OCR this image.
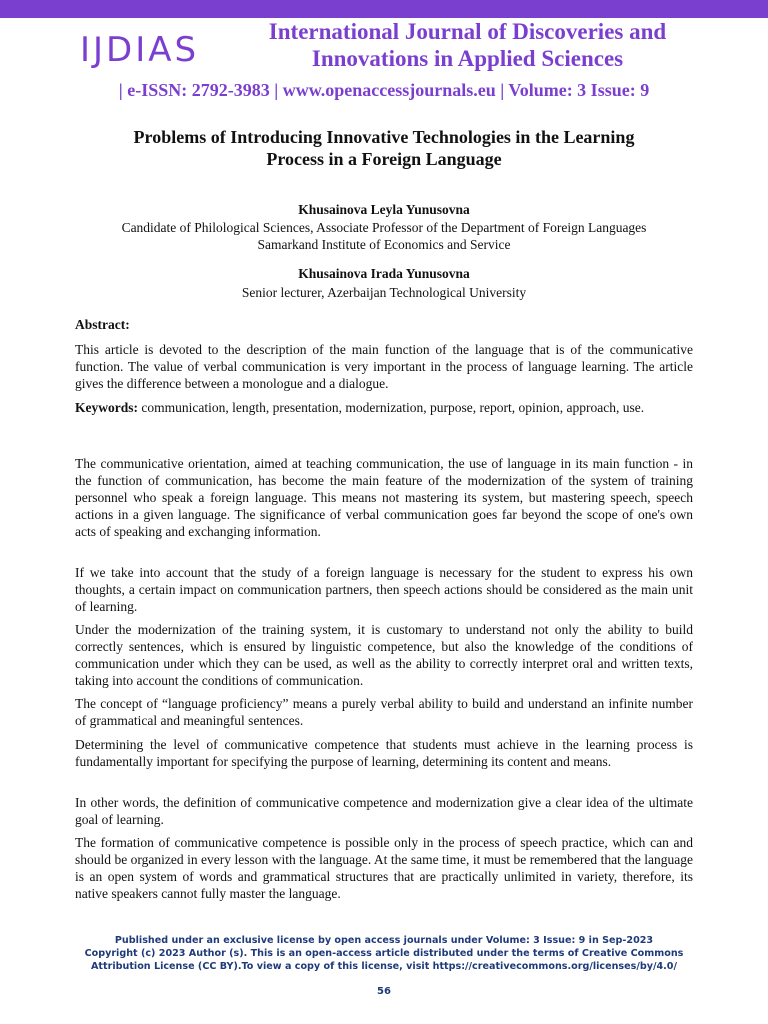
IJDIAS	International Journal of Discoveries and
Innovations in Applied Sciences
| e-ISSN: 2792-3983 | www.openaccessjournals.eu | Volume: 3 Issue: 9
Problems of Introducing Innovative Technologies in the Learning
Process in a Foreign Language
Khusainova Leyla Yunusovna
Candidate of Philological Sciences, Associate Professor of the Department of Foreign Languages
Samarkand Institute of Economics and Service
Khusainova Irada Yunusovna
Senior lecturer, Azerbaijan Technological University
Abstract:
This article is devoted to the description of the main function of the language that is of the communicative function. The value of verbal communication is very important in the process of language learning. The article gives the difference between a monologue and a dialogue.
Keywords: communication, length, presentation, modernization, purpose, report, opinion, approach, use.
The communicative orientation, aimed at teaching communication, the use of language in its main function - in the function of communication, has become the main feature of the modernization of the system of training personnel who speak a foreign language. This means not mastering its system, but mastering speech, speech actions in a given language. The significance of verbal communication goes far beyond the scope of one's own acts of speaking and exchanging information.
If we take into account that the study of a foreign language is necessary for the student to express his own thoughts, a certain impact on communication partners, then speech actions should be considered as the main unit of learning.
Under the modernization of the training system, it is customary to understand not only the ability to build correctly sentences, which is ensured by linguistic competence, but also the knowledge of the conditions of communication under which they can be used, as well as the ability to correctly interpret oral and written texts, taking into account the conditions of communication.
The concept of “language proficiency” means a purely verbal ability to build and understand an infinite number of grammatical and meaningful sentences.
Determining the level of communicative competence that students must achieve in the learning process is fundamentally important for specifying the purpose of learning, determining its content and means.
In other words, the definition of communicative competence and modernization give a clear idea of the ultimate goal of learning.
The formation of communicative competence is possible only in the process of speech practice, which can and should be organized in every lesson with the language. At the same time, it must be remembered that the language is an open system of words and grammatical structures that are practically unlimited in variety, therefore, its native speakers cannot fully master the language.
Published under an exclusive license by open access journals under Volume: 3 Issue: 9 in Sep-2023
Copyright (c) 2023 Author (s). This is an open-access article distributed under the terms of Creative Commons
Attribution License (CC BY).To view a copy of this license, visit https://creativecommons.org/licenses/by/4.0/
56
